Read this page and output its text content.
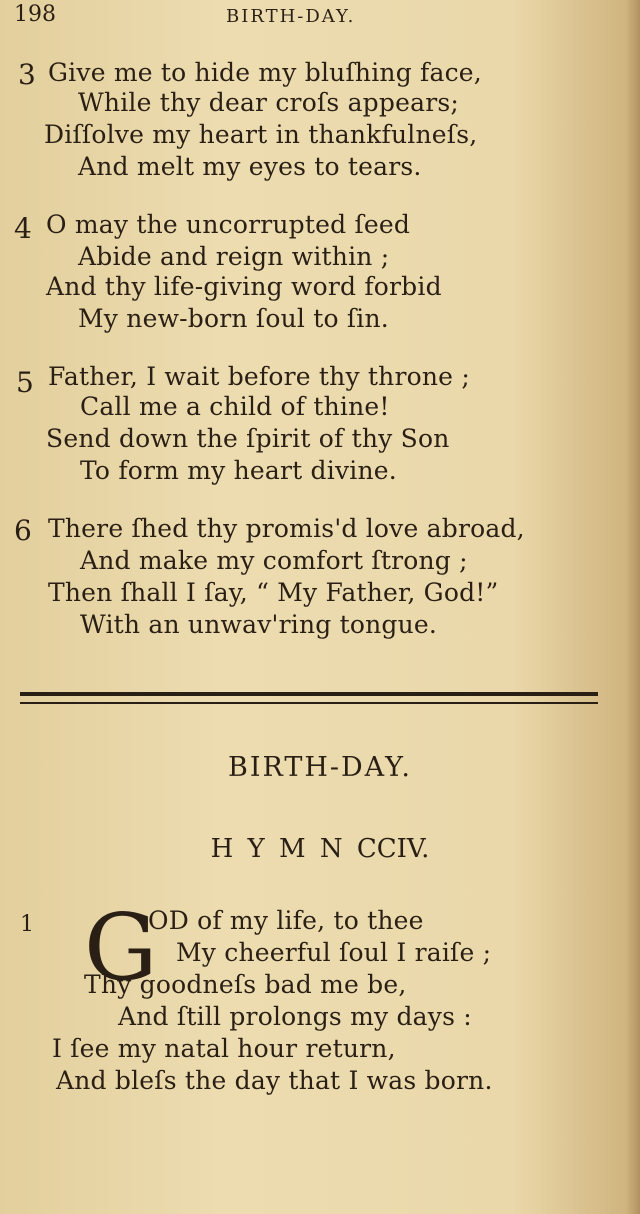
198	BIRTH-DAY.
3 Give me to hide my bluſhing face,
While thy dear croſs appears;
Diſſolve my heart in thankfulneſs,
And melt my eyes to tears.
4 O may the uncorrupted ſeed
Abide and reign within ;
And thy life-giving word forbid
My new-born ſoul to ſin.
5 Father, I wait before thy throne ;
Call me a child of thine!
Send down the ſpirit of thy Son
To form my heart divine.
6 There ſhed thy promis'd love abroad,
And make my comfort ſtrong ;
Then ſhall I ſay, “ My Father, God!”
With an unwav'ring tongue.
BIRTH-DAY.
H Y M N CCIV.
1 G
OD of my life, to thee
My cheerful ſoul I raiſe ;
Thy goodneſs bad me be,
And ſtill prolongs my days :
I ſee my natal hour return,
And bleſs the day that I was born.
